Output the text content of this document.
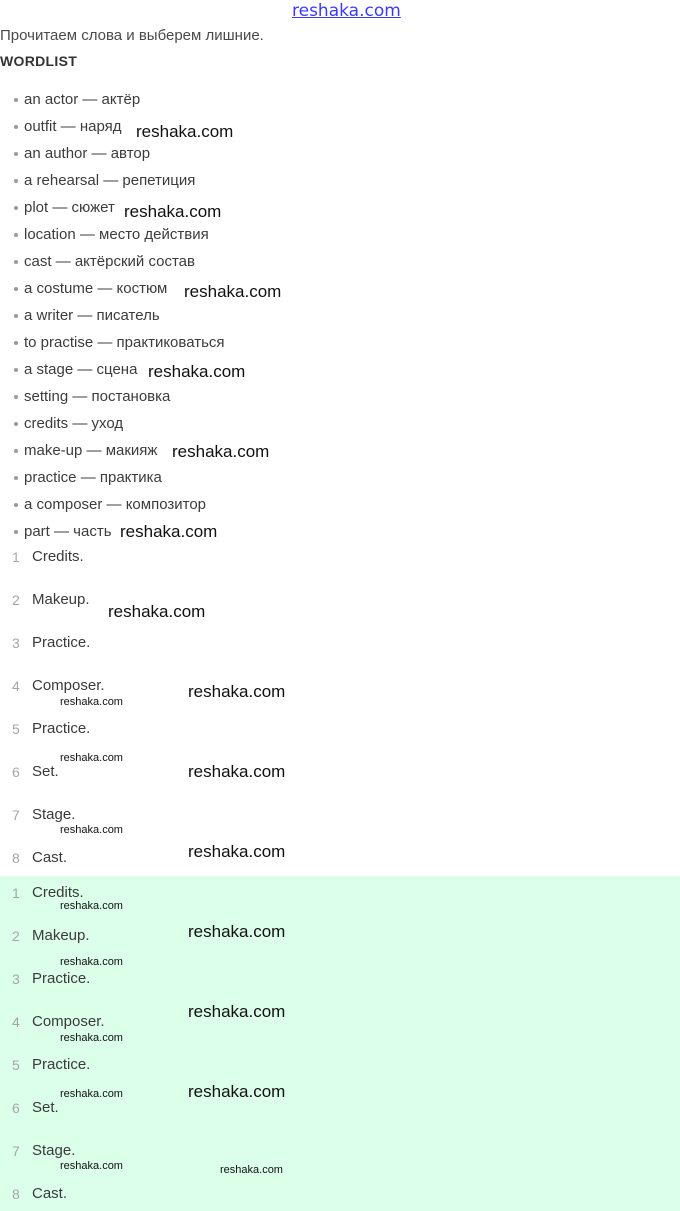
reshaka.com
Прочитаем слова и выберем лишние.
WORDLIST
an actor — актёр
outfit — наряд
an author — автор
a rehearsal — репетиция
plot — сюжет
location — место действия
cast — актёрский состав
a costume — костюм
a writer — писатель
to practise — практиковаться
a stage — сцена
setting — постановка
credits — уход
make-up — макияж
practice — практика
a composer — композитор
part — часть
1 Credits.
2 Makeup.
3 Practice.
4 Composer.
5 Practice.
6 Set.
7 Stage.
8 Cast.
1 Credits.
2 Makeup.
3 Practice.
4 Composer.
5 Practice.
6 Set.
7 Stage.
8 Cast.
reshaka.com
reshaka.com
reshaka.com
reshaka.com
reshaka.com
reshaka.com
reshaka.com
reshaka.com
reshaka.com
reshaka.com
reshaka.com
reshaka.com
reshaka.com
reshaka.com
reshaka.com
reshaka.com
reshaka.com
reshaka.com
reshaka.com	reshaka.com
reshaka.com	reshaka.com
